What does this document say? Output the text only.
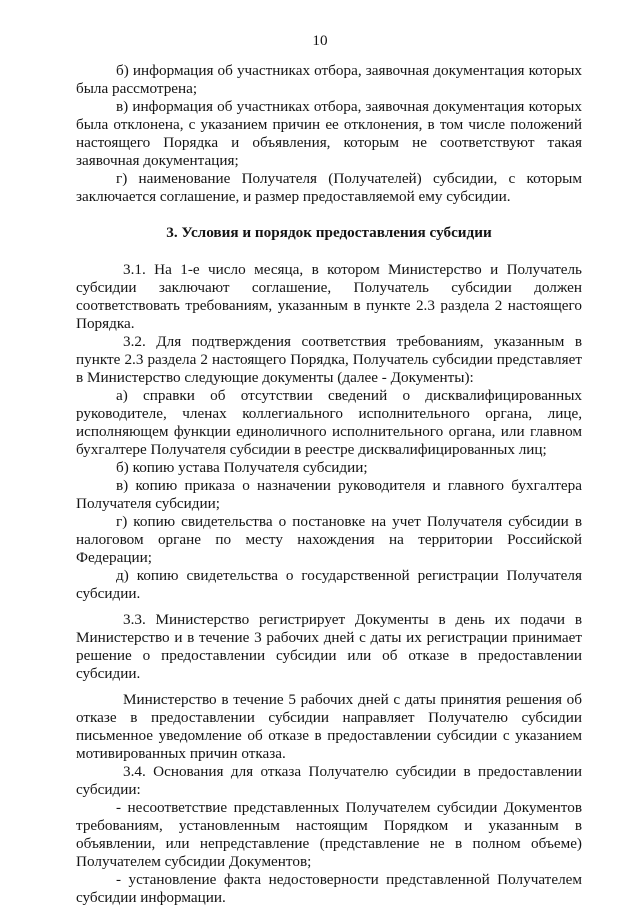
10

б) информация об участниках отбора, заявочная документация которых была рассмотрена;

в) информация об участниках отбора, заявочная документация которых была отклонена, с указанием причин ее отклонения, в том числе положений настоящего Порядка и объявления, которым не соответствуют такая заявочная документация;

г) наименование Получателя (Получателей) субсидии, с которым заключается соглашение, и размер предоставляемой ему субсидии.

3. Условия и порядок предоставления субсидии

3.1. На 1-е число месяца, в котором Министерство и Получатель субсидии заключают соглашение, Получатель субсидии должен соответствовать требованиям, указанным в пункте 2.3 раздела 2 настоящего Порядка.

3.2. Для подтверждения соответствия требованиям, указанным в пункте 2.3 раздела 2 настоящего Порядка, Получатель субсидии представляет в Министерство следующие документы (далее - Документы):

а) справки об отсутствии сведений о дисквалифицированных руководителе, членах коллегиального исполнительного органа, лице, исполняющем функции единоличного исполнительного органа, или главном бухгалтере Получателя субсидии в реестре дисквалифицированных лиц;

б) копию устава Получателя субсидии;

в) копию приказа о назначении руководителя и главного бухгалтера Получателя субсидии;

г) копию свидетельства о постановке на учет Получателя субсидии в налоговом органе по месту нахождения на территории Российской Федерации;

д) копию свидетельства о государственной регистрации Получателя субсидии.

3.3. Министерство регистрирует Документы в день их подачи в Министерство и в течение 3 рабочих дней с даты их регистрации принимает решение о предоставлении субсидии или об отказе в предоставлении субсидии.

Министерство в течение 5 рабочих дней с даты принятия решения об отказе в предоставлении субсидии направляет Получателю субсидии письменное уведомление об отказе в предоставлении субсидии с указанием мотивированных причин отказа.

3.4. Основания для отказа Получателю субсидии в предоставлении субсидии:

- несоответствие представленных Получателем субсидии Документов требованиям, установленным настоящим Порядком и указанным в объявлении, или непредставление (представление не в полном объеме) Получателем субсидии Документов;

- установление факта недостоверности представленной Получателем субсидии информации.
